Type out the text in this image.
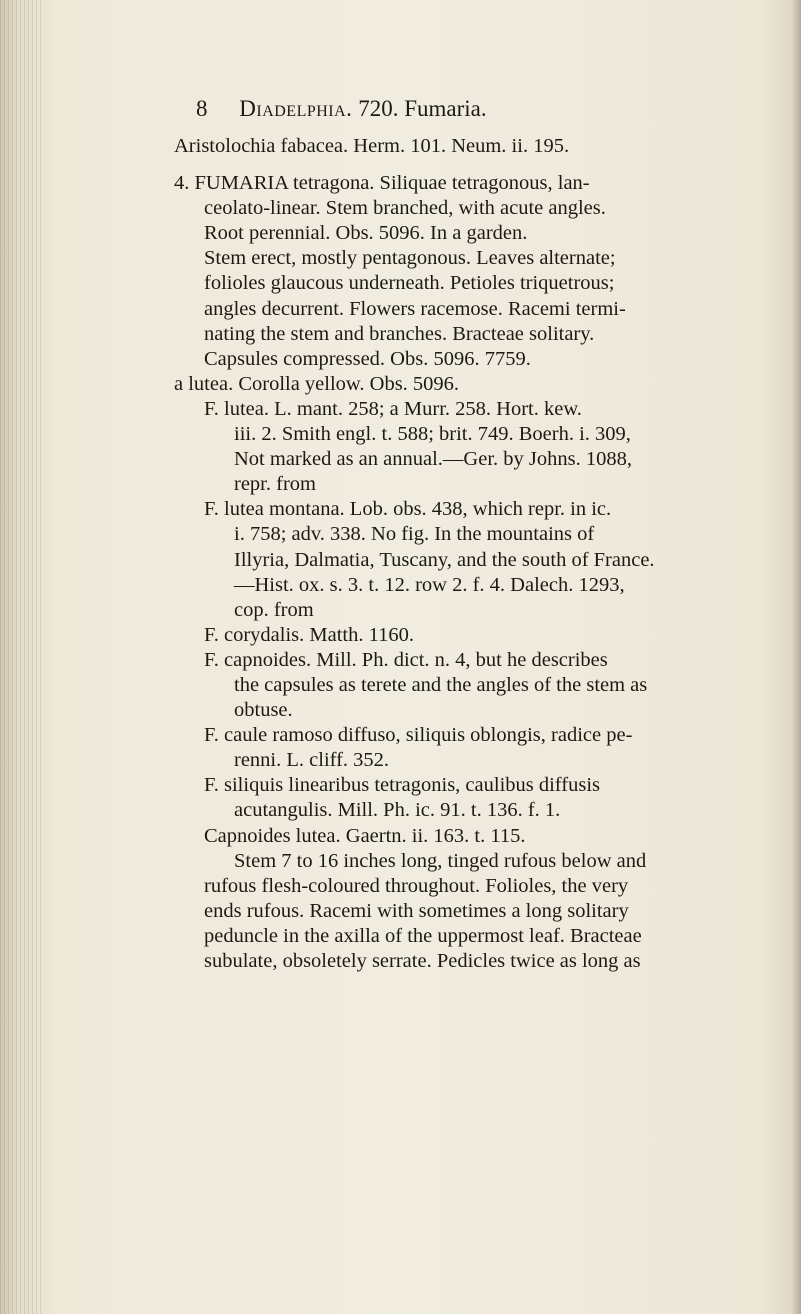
8 Diadelphia. 720. Fumaria.
Aristolochia fabacea. Herm. 101. Neum. ii. 195.
4. FUMARIA tetragona. Siliquae tetragonous, lan-
ceolato-linear. Stem branched, with acute angles.
Root perennial. Obs. 5096. In a garden.
Stem erect, mostly pentagonous. Leaves alternate;
folioles glaucous underneath. Petioles triquetrous;
angles decurrent. Flowers racemose. Racemi termi-
nating the stem and branches. Bracteae solitary.
Capsules compressed. Obs. 5096. 7759.
a lutea. Corolla yellow. Obs. 5096.
F. lutea. L. mant. 258; a Murr. 258. Hort. kew.
iii. 2. Smith engl. t. 588; brit. 749. Boerh. i. 309,
Not marked as an annual.—Ger. by Johns. 1088,
repr. from
F. lutea montana. Lob. obs. 438, which repr. in ic.
i. 758; adv. 338. No fig. In the mountains of
Illyria, Dalmatia, Tuscany, and the south of France.
—Hist. ox. s. 3. t. 12. row 2. f. 4. Dalech. 1293,
cop. from
F. corydalis. Matth. 1160.
F. capnoides. Mill. Ph. dict. n. 4, but he describes
the capsules as terete and the angles of the stem as
obtuse.
F. caule ramoso diffuso, siliquis oblongis, radice pe-
renni. L. cliff. 352.
F. siliquis linearibus tetragonis, caulibus diffusis
acutangulis. Mill. Ph. ic. 91. t. 136. f. 1.
Capnoides lutea. Gaertn. ii. 163. t. 115.
Stem 7 to 16 inches long, tinged rufous below and
rufous flesh-coloured throughout. Folioles, the very
ends rufous. Racemi with sometimes a long solitary
peduncle in the axilla of the uppermost leaf. Bracteae
subulate, obsoletely serrate. Pedicles twice as long as
